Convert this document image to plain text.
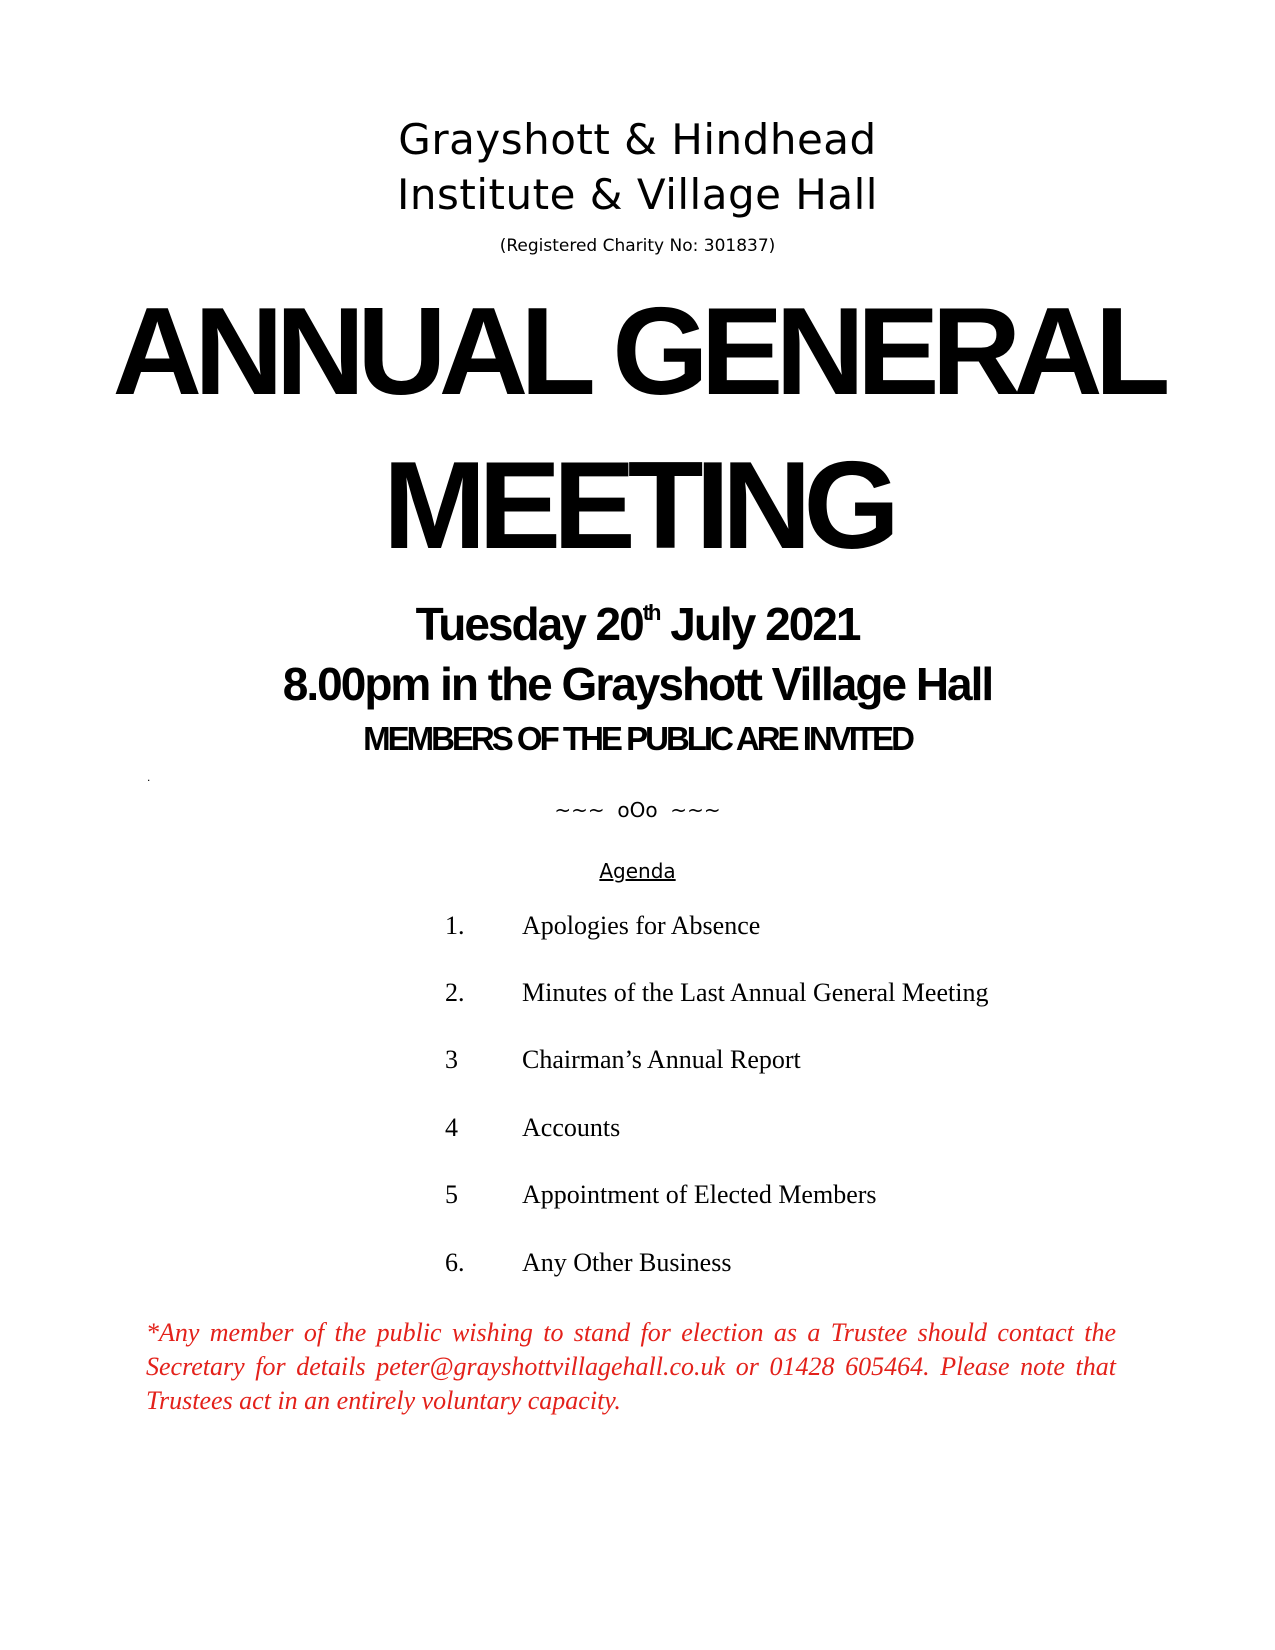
Grayshott & Hindhead
Institute & Village Hall
(Registered Charity No: 301837)
ANNUAL GENERAL
MEETING
Tuesday 20th July 2021
8.00pm in the Grayshott Village Hall
MEMBERS OF THE PUBLIC ARE INVITED
.
~~~  oOo  ~~~
Agenda
1. Apologies for Absence
2. Minutes of the Last Annual General Meeting
3 Chairman’s Annual Report
4 Accounts
5 Appointment of Elected Members
6. Any Other Business
*Any member of the public wishing to stand for election as a Trustee should contact the Secretary for details peter@grayshottvillagehall.co.uk or 01428 605464. Please note that Trustees act in an entirely voluntary capacity.
